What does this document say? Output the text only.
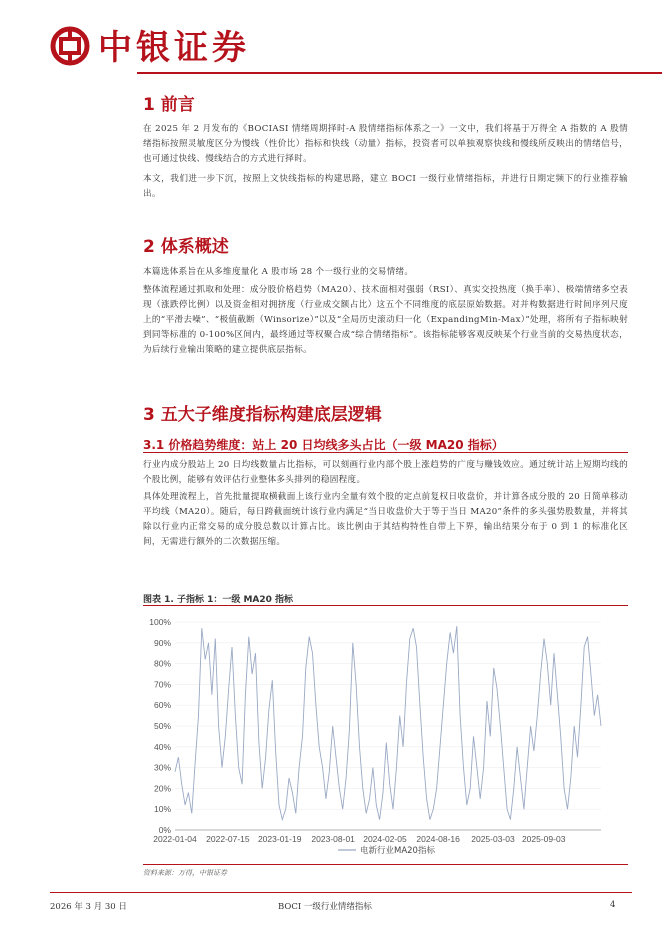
中银证券
1 前言
在 2025 年 2 月发布的《BOCIASI 情绪周期择时-A 股情绪指标体系之一》一文中，我们将基于万得全 A 指数的 A 股情绪指标按照灵敏度区分为慢线（性价比）指标和快线（动量）指标，投资者可以单独观察快线和慢线所反映出的情绪信号，也可通过快线、慢线结合的方式进行择时。
本文，我们进一步下沉，按照上文快线指标的构建思路，建立 BOCI 一级行业情绪指标，并进行日期定频下的行业推荐输出。
2 体系概述
本篇选体系旨在从多维度量化 A 股市场 28 个一级行业的交易情绪。
整体流程通过抓取和处理：成分股价格趋势（MA20）、技术面相对强弱（RSI）、真实交投热度（换手率）、极端情绪多空表现（涨跌停比例）以及资金相对拥挤度（行业成交额占比）这五个不同维度的底层原始数据。对并构数据进行时间序列尺度上的“平滑去噪”、“极值截断（Winsorize）”以及“全局历史滚动归一化（ExpandingMin-Max）”处理，将所有子指标映射到同等标准的 0-100%区间内，最终通过等权聚合成“综合情绪指标”。该指标能够客观反映某个行业当前的交易热度状态，为后续行业输出策略的建立提供底层指标。
3 五大子维度指标构建底层逻辑
3.1 价格趋势维度：站上 20 日均线多头占比（一级 MA20 指标）
行业内成分股站上 20 日均线数量占比指标，可以刻画行业内部个股上涨趋势的广度与赚钱效应。通过统计站上短期均线的个股比例，能够有效评估行业整体多头排列的稳固程度。
具体处理流程上，首先批量提取横截面上该行业内全量有效个股的定点前复权日收盘价，并计算各成分股的 20 日简单移动平均线（MA20）。随后，每日跨截面统计该行业内满足“当日收盘价大于等于当日 MA20”条件的多头强势股数量，并将其除以行业内正常交易的成分股总数以计算占比。该比例由于其结构特性自带上下界，输出结果分布于 0 到 1 的标准化区间，无需进行额外的二次数据压缩。
图表 1. 子指标 1：一级 MA20 指标
0%
10%
20%
30%
40%
50%
60%
70%
80%
90%
100%
2022-01-04 2022-07-15 2023-01-19 2023-08-01 2024-02-05 2024-08-16 2025-03-03 2025-09-03
电新行业MA20指标
资料来源：万得，中银证券
2026 年 3 月 30 日	BOCI 一级行业情绪指标	4
